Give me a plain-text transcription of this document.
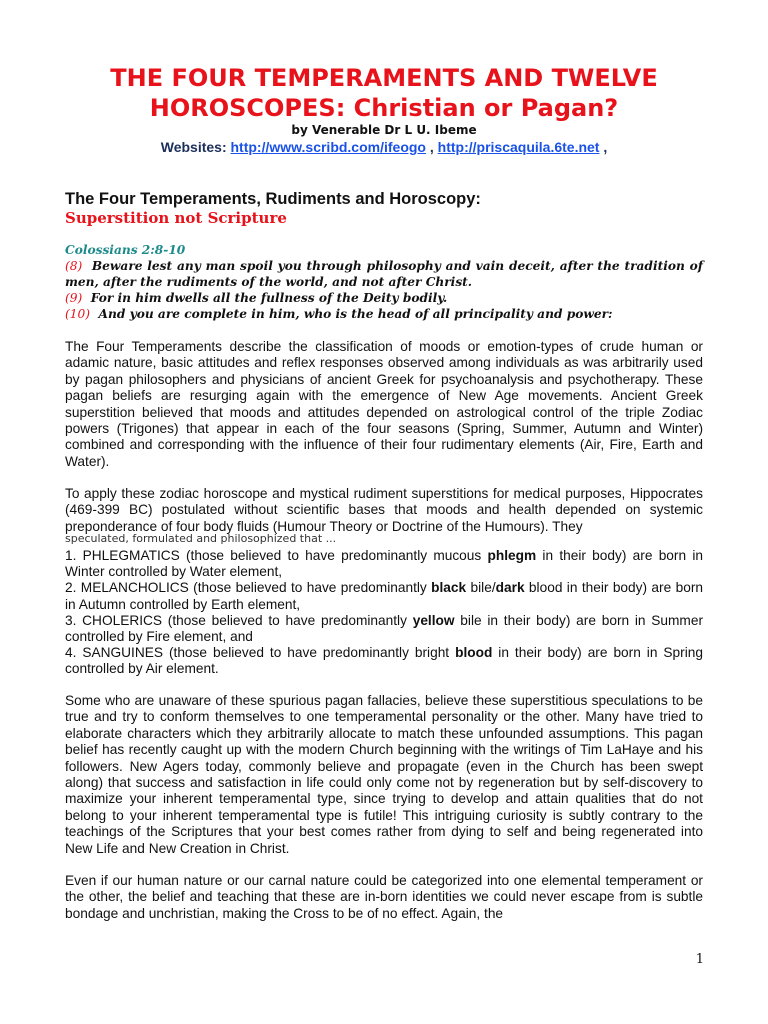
THE FOUR TEMPERAMENTS AND TWELVE
HOROSCOPES: Christian or Pagan?
by Venerable Dr L U. Ibeme
Websites: http://www.scribd.com/ifeogo , http://priscaquila.6te.net ,
The Four Temperaments, Rudiments and Horoscopy:
Superstition not Scripture
Colossians 2:8-10
(8) Beware lest any man spoil you through philosophy and vain deceit, after the tradition of men, after the rudiments of the world, and not after Christ.
(9) For in him dwells all the fullness of the Deity bodily.
(10) And you are complete in him, who is the head of all principality and power:

The Four Temperaments describe the classification of moods or emotion-types of crude human or adamic nature, basic attitudes and reflex responses observed among individuals as was arbitrarily used by pagan philosophers and physicians of ancient Greek for psychoanalysis and psychotherapy. These pagan beliefs are resurging again with the emergence of New Age movements. Ancient Greek superstition believed that moods and attitudes depended on astrological control of the triple Zodiac powers (Trigones) that appear in each of the four seasons (Spring, Summer, Autumn and Winter) combined and corresponding with the influence of their four rudimentary elements (Air, Fire, Earth and Water).

To apply these zodiac horoscope and mystical rudiment superstitions for medical purposes, Hippocrates (469-399 BC) postulated without scientific bases that moods and health depended on systemic preponderance of four body fluids (Humour Theory or Doctrine of the Humours). They

speculated, formulated and philosophized that ...
1. PHLEGMATICS (those believed to have predominantly mucous phlegm in their body) are born in Winter controlled by Water element,
2. MELANCHOLICS (those believed to have predominantly black bile/dark blood in their body) are born in Autumn controlled by Earth element,
3. CHOLERICS (those believed to have predominantly yellow bile in their body) are born in Summer controlled by Fire element, and
4. SANGUINES (those believed to have predominantly bright blood in their body) are born in Spring controlled by Air element.

Some who are unaware of these spurious pagan fallacies, believe these superstitious speculations to be true and try to conform themselves to one temperamental personality or the other. Many have tried to elaborate characters which they arbitrarily allocate to match these unfounded assumptions. This pagan belief has recently caught up with the modern Church beginning with the writings of Tim LaHaye and his followers. New Agers today, commonly believe and propagate (even in the Church has been swept along) that success and satisfaction in life could only come not by regeneration but by self-discovery to maximize your inherent temperamental type, since trying to develop and attain qualities that do not belong to your inherent temperamental type is futile! This intriguing curiosity is subtly contrary to the teachings of the Scriptures that your best comes rather from dying to self and being regenerated into New Life and New Creation in Christ.

Even if our human nature or our carnal nature could be categorized into one elemental temperament or the other, the belief and teaching that these are in-born identities we could never escape from is subtle bondage and unchristian, making the Cross to be of no effect. Again, the

1
